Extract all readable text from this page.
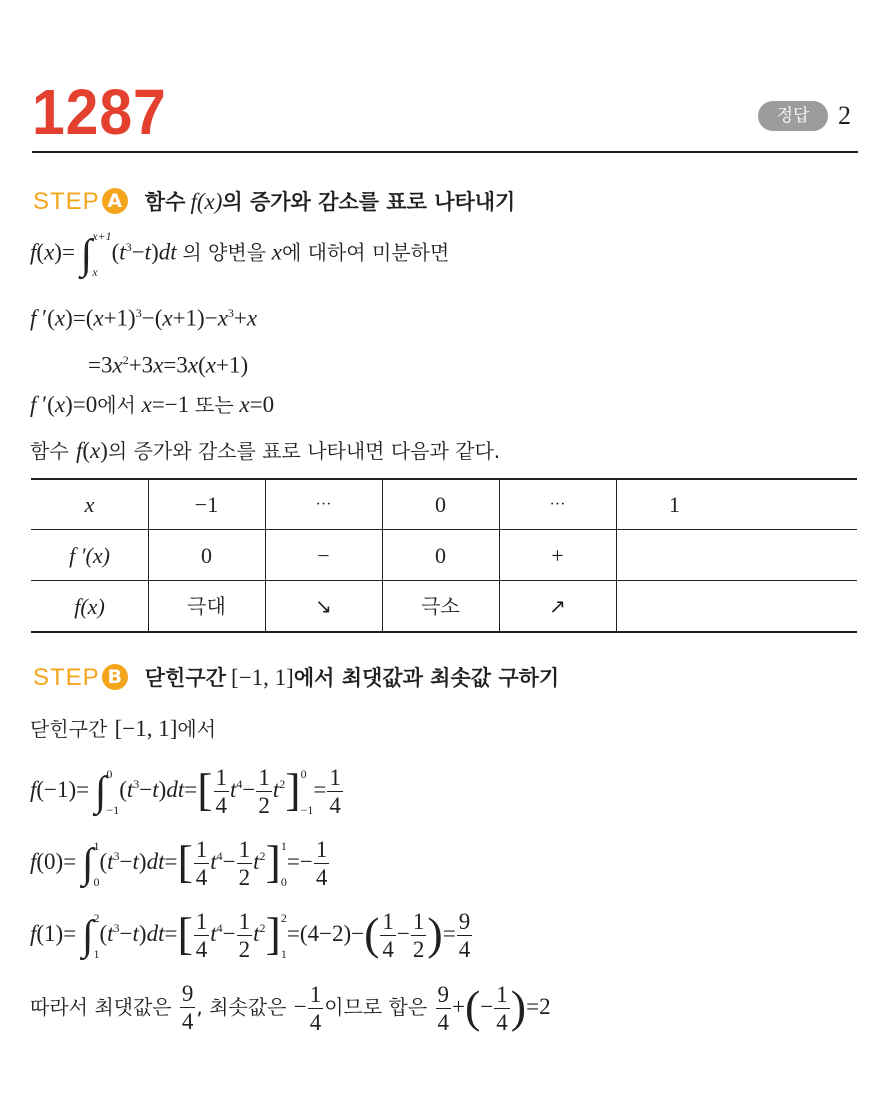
1287	정답	2
STEP A 함수 f(x)의 증가와 감소를 표로 나타내기
f(x)= ∫ x+1
x
$(t^3-t)dt$ 의 양변을 x에 대하여 미분하면
f $'(x)=(x+1)^3-(x+1)-x^3+x$
$=3x^2+3x=3x(x+1)$
f ′(x)=0에서 x=−1 또는 x=0
함수 f(x)의 증가와 감소를 표로 나타내면 다음과 같다.
x	−1	···	0	···	1
f ′(x)	0	−	0	+
f(x)	극대	↘	극소	↗
STEP B 닫힌구간 [−1, 1]에서 최댓값과 최솟값 구하기
닫힌구간 [−1, 1]에서
f(−1)= ∫ 0
−1
$(t^3-t)dt=[ \frac{1}{4} t^4- \frac{1}{2} t^2]$ 0
−1
= $\frac{1}{4}$
f(0)= ∫ 1
0
$(t^3-t)dt=[ \frac{1}{4} t^4- \frac{1}{2} t^2]$ 1
0
=− $\frac{1}{4}$
f(1)= ∫ 2
1
$(t^3-t)dt=[ \frac{1}{4} t^4- \frac{1}{2} t^2]$ 2
1
$=(4-2)-( \frac{1}{4} - \frac{1}{2}$ )= $\frac{9}{4}$
따라서 최댓값은 $\frac{9}{4}$ , 최솟값은 − $\frac{1}{4}$ 이므로 합은 $\frac{9}{4}$ +(− $\frac{1}{4} )=2$
